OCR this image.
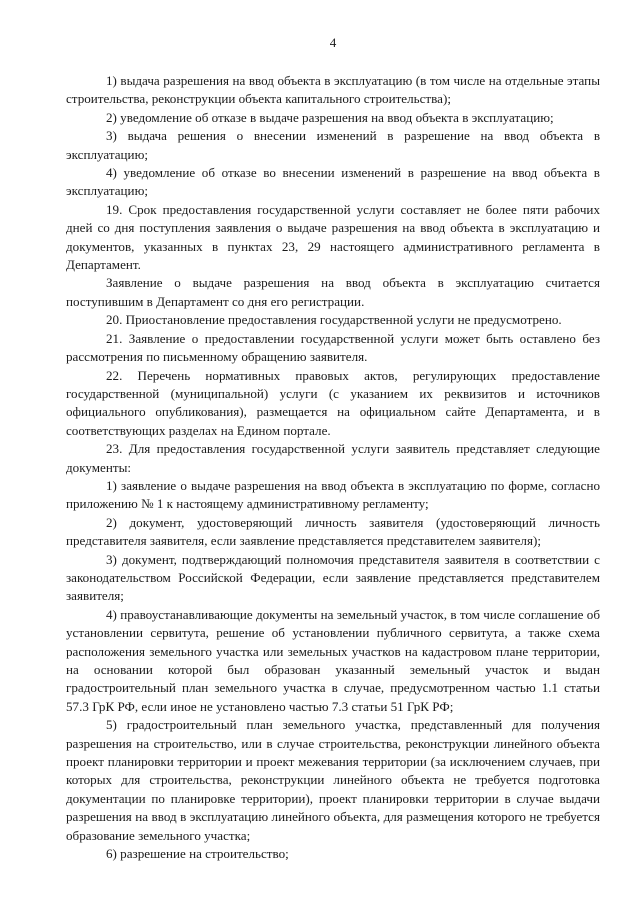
4

1) выдача разрешения на ввод объекта в эксплуатацию (в том числе на отдельные этапы строительства, реконструкции объекта капитального строительства);

2) уведомление об отказе в выдаче разрешения на ввод объекта в эксплуатацию;

3) выдача решения о внесении изменений в разрешение на ввод объекта в эксплуатацию;

4) уведомление об отказе во внесении изменений в разрешение на ввод объекта в эксплуатацию;

19. Срок предоставления государственной услуги составляет не более пяти рабочих дней со дня поступления заявления о выдаче разрешения на ввод объекта в эксплуатацию и документов, указанных в пунктах 23, 29 настоящего административного регламента в Департамент.

Заявление о выдаче разрешения на ввод объекта в эксплуатацию считается поступившим в Департамент со дня его регистрации.

20. Приостановление предоставления государственной услуги не предусмотрено.

21. Заявление о предоставлении государственной услуги может быть оставлено без рассмотрения по письменному обращению заявителя.

22. Перечень нормативных правовых актов, регулирующих предоставление государственной (муниципальной) услуги (с указанием их реквизитов и источников официального опубликования), размещается на официальном сайте Департамента, и в соответствующих разделах на Едином портале.

23. Для предоставления государственной услуги заявитель представляет следующие документы:

1) заявление о выдаче разрешения на ввод объекта в эксплуатацию по форме, согласно приложению № 1 к настоящему административному регламенту;

2) документ, удостоверяющий личность заявителя (удостоверяющий личность представителя заявителя, если заявление представляется представителем заявителя);

3) документ, подтверждающий полномочия представителя заявителя в соответствии с законодательством Российской Федерации, если заявление представляется представителем заявителя;

4) правоустанавливающие документы на земельный участок, в том числе соглашение об установлении сервитута, решение об установлении публичного сервитута, а также схема расположения земельного участка или земельных участков на кадастровом плане территории, на основании которой был образован указанный земельный участок и выдан градостроительный план земельного участка в случае, предусмотренном частью 1.1 статьи 57.3 ГрК РФ, если иное не установлено частью 7.3 статьи 51 ГрК РФ;

5) градостроительный план земельного участка, представленный для получения разрешения на строительство, или в случае строительства, реконструкции линейного объекта проект планировки территории и проект межевания территории (за исключением случаев, при которых для строительства, реконструкции линейного объекта не требуется подготовка документации по планировке территории), проект планировки территории в случае выдачи разрешения на ввод в эксплуатацию линейного объекта, для размещения которого не требуется образование земельного участка;

6) разрешение на строительство;
